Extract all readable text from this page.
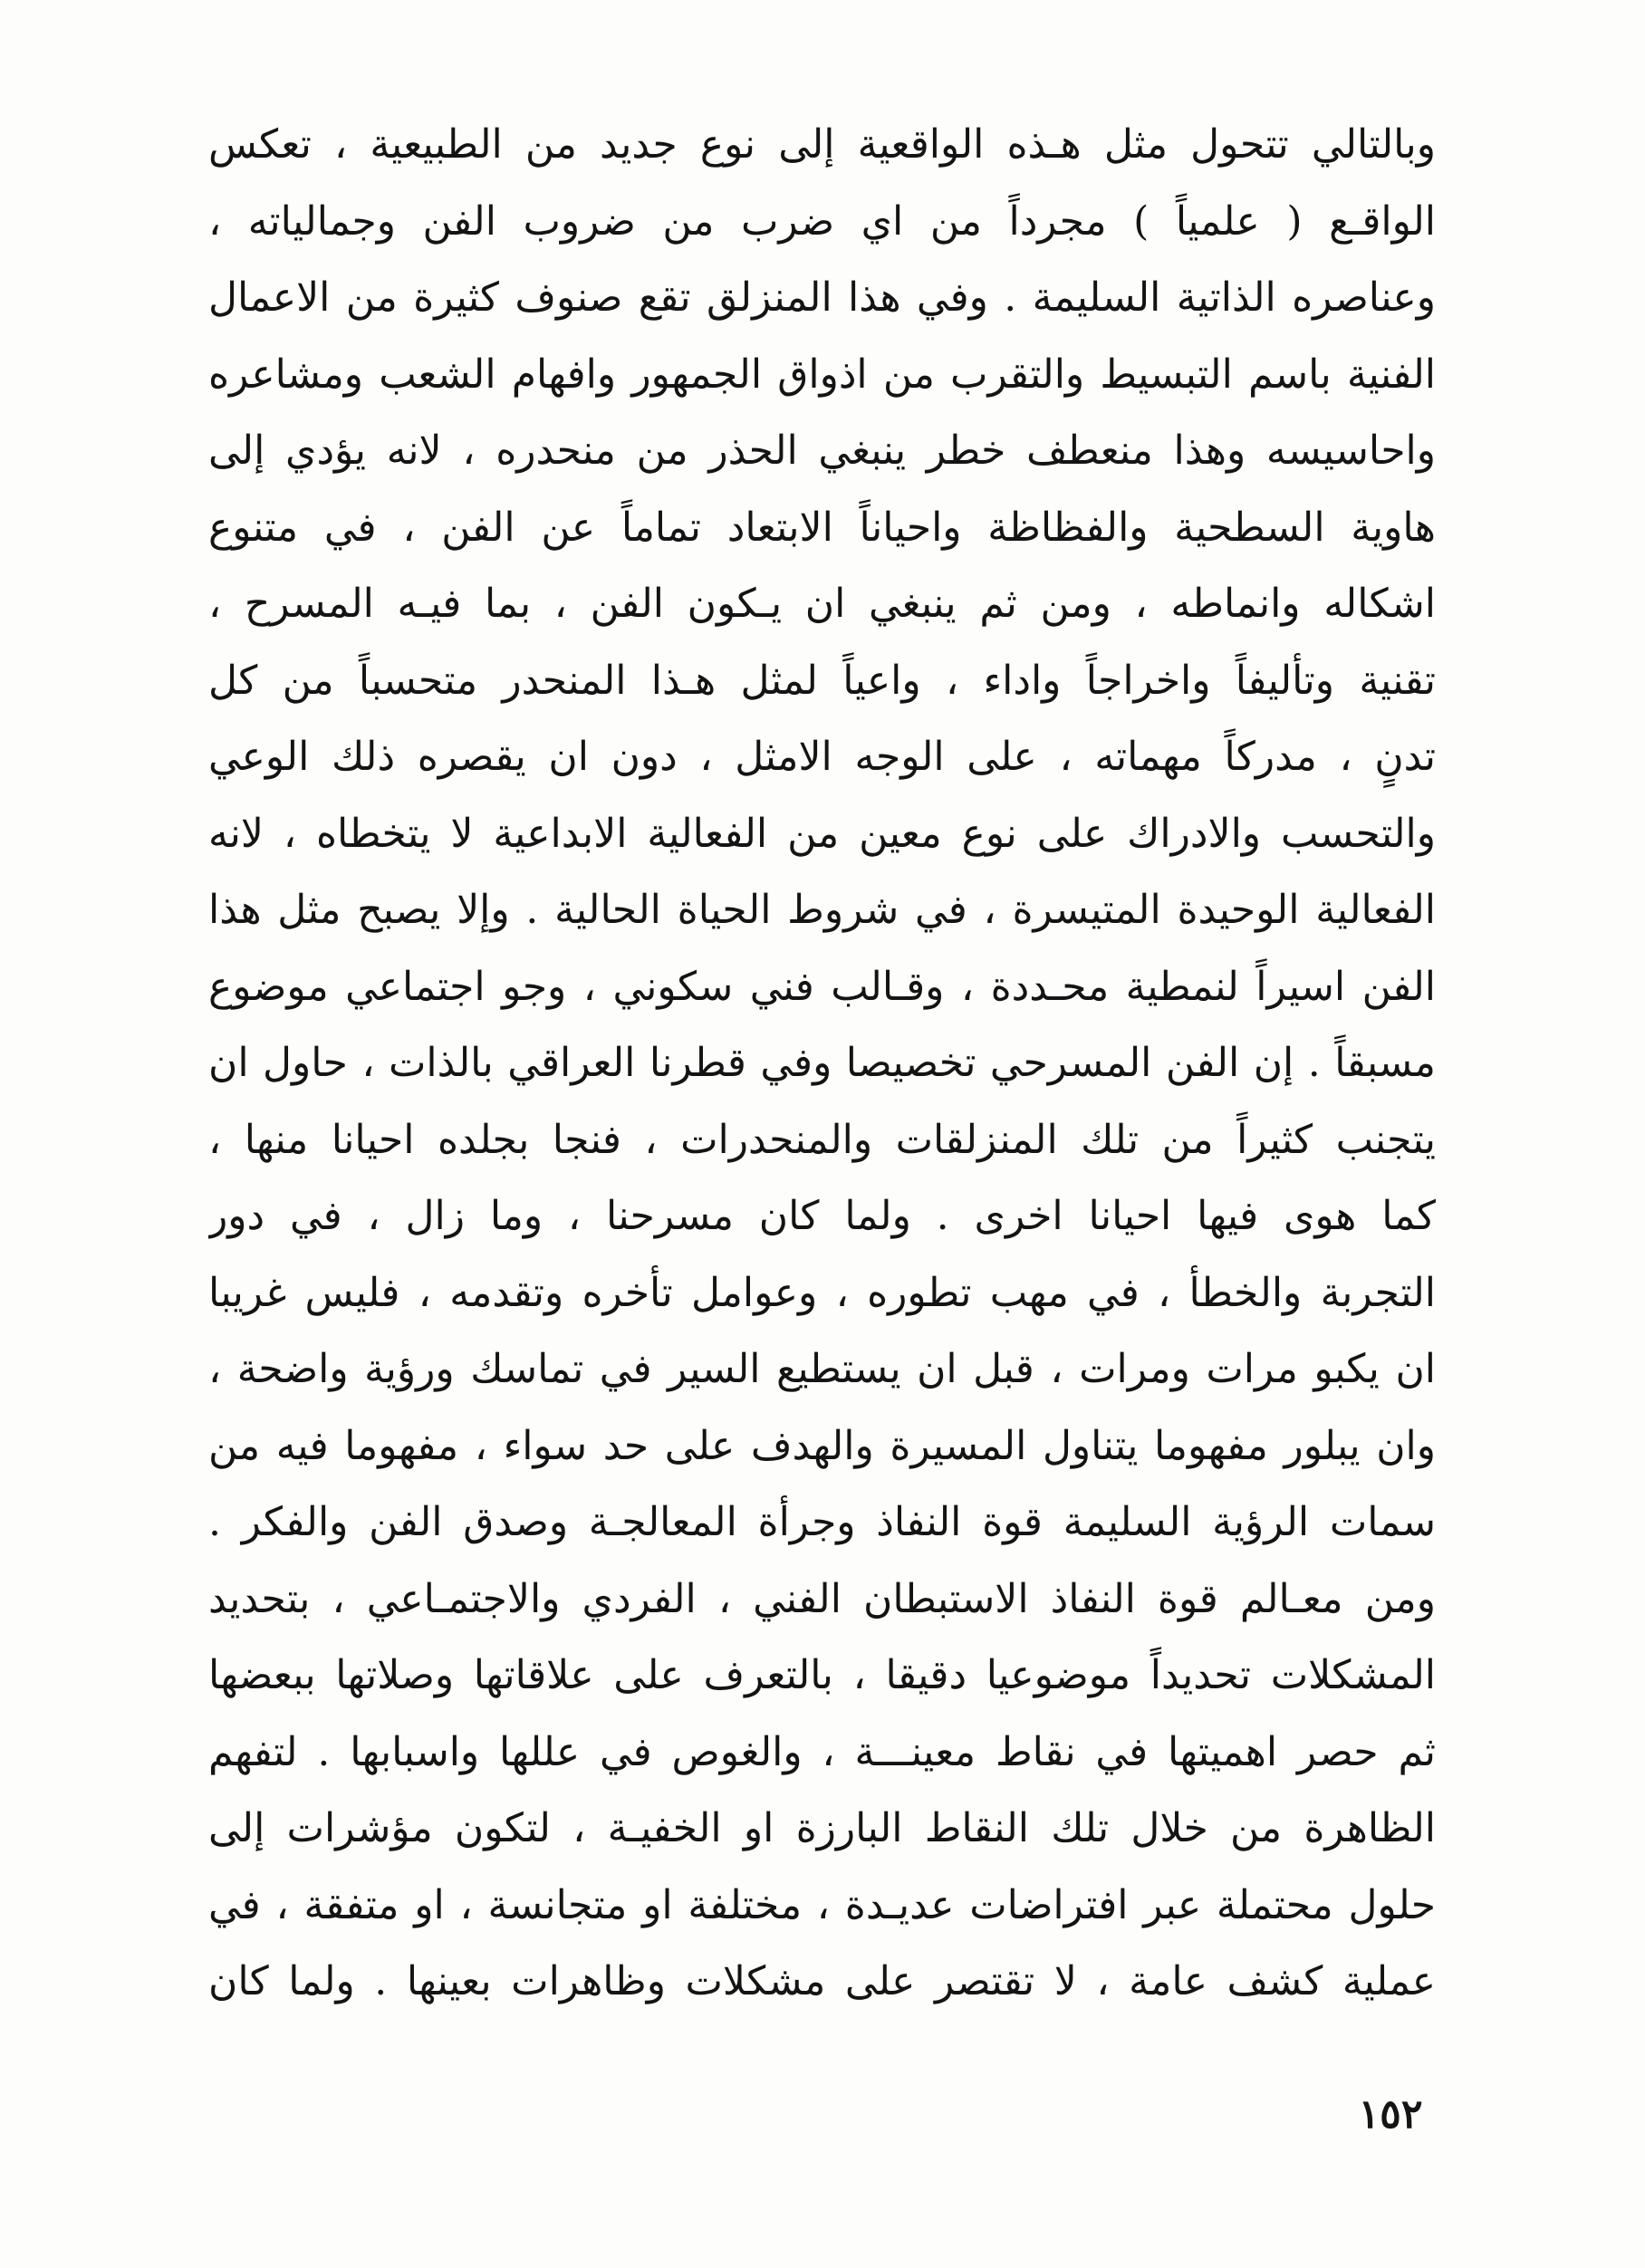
وبالتالي تتحول مثل هـذه الواقعية إلى نوع جديد من الطبيعية ، تعكس
الواقـع ( علمياً ) مجرداً من اي ضرب من ضروب الفن وجمالياته ،
وعناصره الذاتية السليمة . وفي هذا المنزلق تقع صنوف كثيرة من الاعمال
الفنية باسم التبسيط والتقرب من اذواق الجمهور وافهام الشعب ومشاعره
واحاسيسه وهذا منعطف خطر ينبغي الحذر من منحدره ، لانه يؤدي إلى
هاوية السطحية والفظاظة واحياناً الابتعاد تماماً عن الفن ، في متنوع
اشكاله وانماطه ، ومن ثم ينبغي ان يـكون الفن ، بما فيـه المسرح ،
تقنية وتأليفاً واخراجاً واداء ، واعياً لمثل هـذا المنحدر متحسباً من كل
تدنٍ ، مدركاً مهماته ، على الوجه الامثل ، دون ان يقصره ذلك الوعي
والتحسب والادراك على نوع معين من الفعالية الابداعية لا يتخطاه ، لانه
الفعالية الوحيدة المتيسرة ، في شروط الحياة الحالية . وإلا يصبح مثل هذا
الفن اسيراً لنمطية محـددة ، وقـالب فني سكوني ، وجو اجتماعي موضوع
مسبقاً . إن الفن المسرحي تخصيصا وفي قطرنا العراقي بالذات ، حاول ان
يتجنب كثيراً من تلك المنزلقات والمنحدرات ، فنجا بجلده احيانا منها ،
كما هوى فيها احيانا اخرى . ولما كان مسرحنا ، وما زال ، في دور
التجربة والخطأ ، في مهب تطوره ، وعوامل تأخره وتقدمه ، فليس غريبا
ان يكبو مرات ومرات ، قبل ان يستطيع السير في تماسك ورؤية واضحة ،
وان يبلور مفهوما يتناول المسيرة والهدف على حد سواء ، مفهوما فيه من
سمات الرؤية السليمة قوة النفاذ وجرأة المعالجـة وصدق الفن والفكر .
ومن معـالم قوة النفاذ الاستبطان الفني ، الفردي والاجتمـاعي ، بتحديد
المشكلات تحديداً موضوعيا دقيقا ، بالتعرف على علاقاتها وصلاتها ببعضها
ثم حصر اهميتها في نقاط معينـــة ، والغوص في عللها واسبابها . لتفهم
الظاهرة من خلال تلك النقاط البارزة او الخفيـة ، لتكون مؤشرات إلى
حلول محتملة عبر افتراضات عديـدة ، مختلفة او متجانسة ، او متفقة ، في
عملية كشف عامة ، لا تقتصر على مشكلات وظاهرات بعينها . ولما كان
١٥٢
